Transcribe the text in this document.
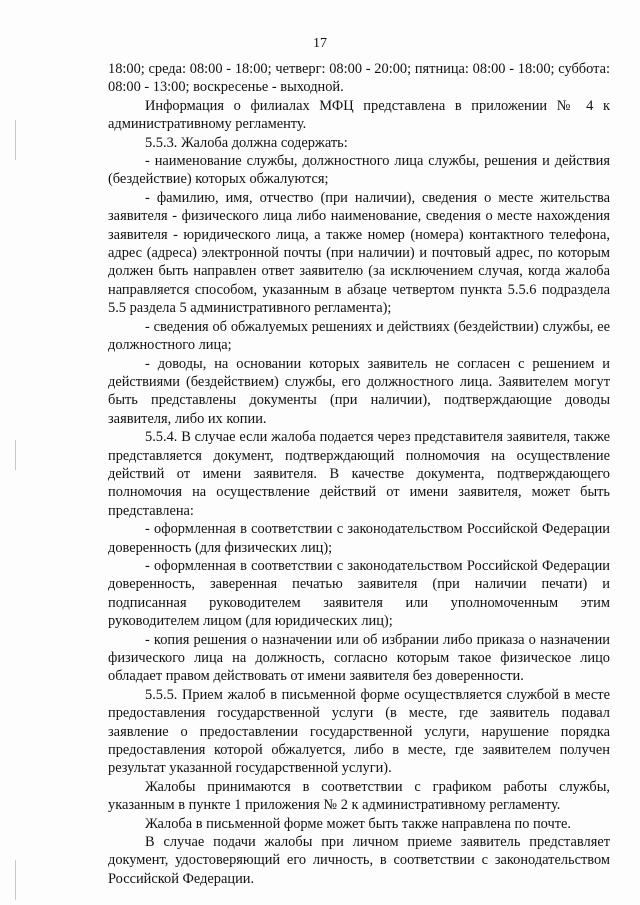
17

18:00; среда: 08:00 - 18:00; четверг: 08:00 - 20:00; пятница: 08:00 - 18:00; суббота: 08:00 - 13:00; воскресенье - выходной.

Информация о филиалах МФЦ представлена в приложении № 4 к административному регламенту.

5.5.3. Жалоба должна содержать:

- наименование службы, должностного лица службы, решения и действия (бездействие) которых обжалуются;

- фамилию, имя, отчество (при наличии), сведения о месте жительства заявителя - физического лица либо наименование, сведения о месте нахождения заявителя - юридического лица, а также номер (номера) контактного телефона, адрес (адреса) электронной почты (при наличии) и почтовый адрес, по которым должен быть направлен ответ заявителю (за исключением случая, когда жалоба направляется способом, указанным в абзаце четвертом пункта 5.5.6 подраздела 5.5 раздела 5 административного регламента);

- сведения об обжалуемых решениях и действиях (бездействии) службы, ее должностного лица;

- доводы, на основании которых заявитель не согласен с решением и действиями (бездействием) службы, его должностного лица. Заявителем могут быть представлены документы (при наличии), подтверждающие доводы заявителя, либо их копии.

5.5.4. В случае если жалоба подается через представителя заявителя, также представляется документ, подтверждающий полномочия на осуществление действий от имени заявителя. В качестве документа, подтверждающего полномочия на осуществление действий от имени заявителя, может быть представлена:

- оформленная в соответствии с законодательством Российской Федерации доверенность (для физических лиц);

- оформленная в соответствии с законодательством Российской Федерации доверенность, заверенная печатью заявителя (при наличии печати) и подписанная руководителем заявителя или уполномоченным этим руководителем лицом (для юридических лиц);

- копия решения о назначении или об избрании либо приказа о назначении физического лица на должность, согласно которым такое физическое лицо обладает правом действовать от имени заявителя без доверенности.

5.5.5. Прием жалоб в письменной форме осуществляется службой в месте предоставления государственной услуги (в месте, где заявитель подавал заявление о предоставлении государственной услуги, нарушение порядка предоставления которой обжалуется, либо в месте, где заявителем получен результат указанной государственной услуги).

Жалобы принимаются в соответствии с графиком работы службы, указанным в пункте 1 приложения № 2 к административному регламенту.

Жалоба в письменной форме может быть также направлена по почте.

В случае подачи жалобы при личном приеме заявитель представляет документ, удостоверяющий его личность, в соответствии с законодательством Российской Федерации.
